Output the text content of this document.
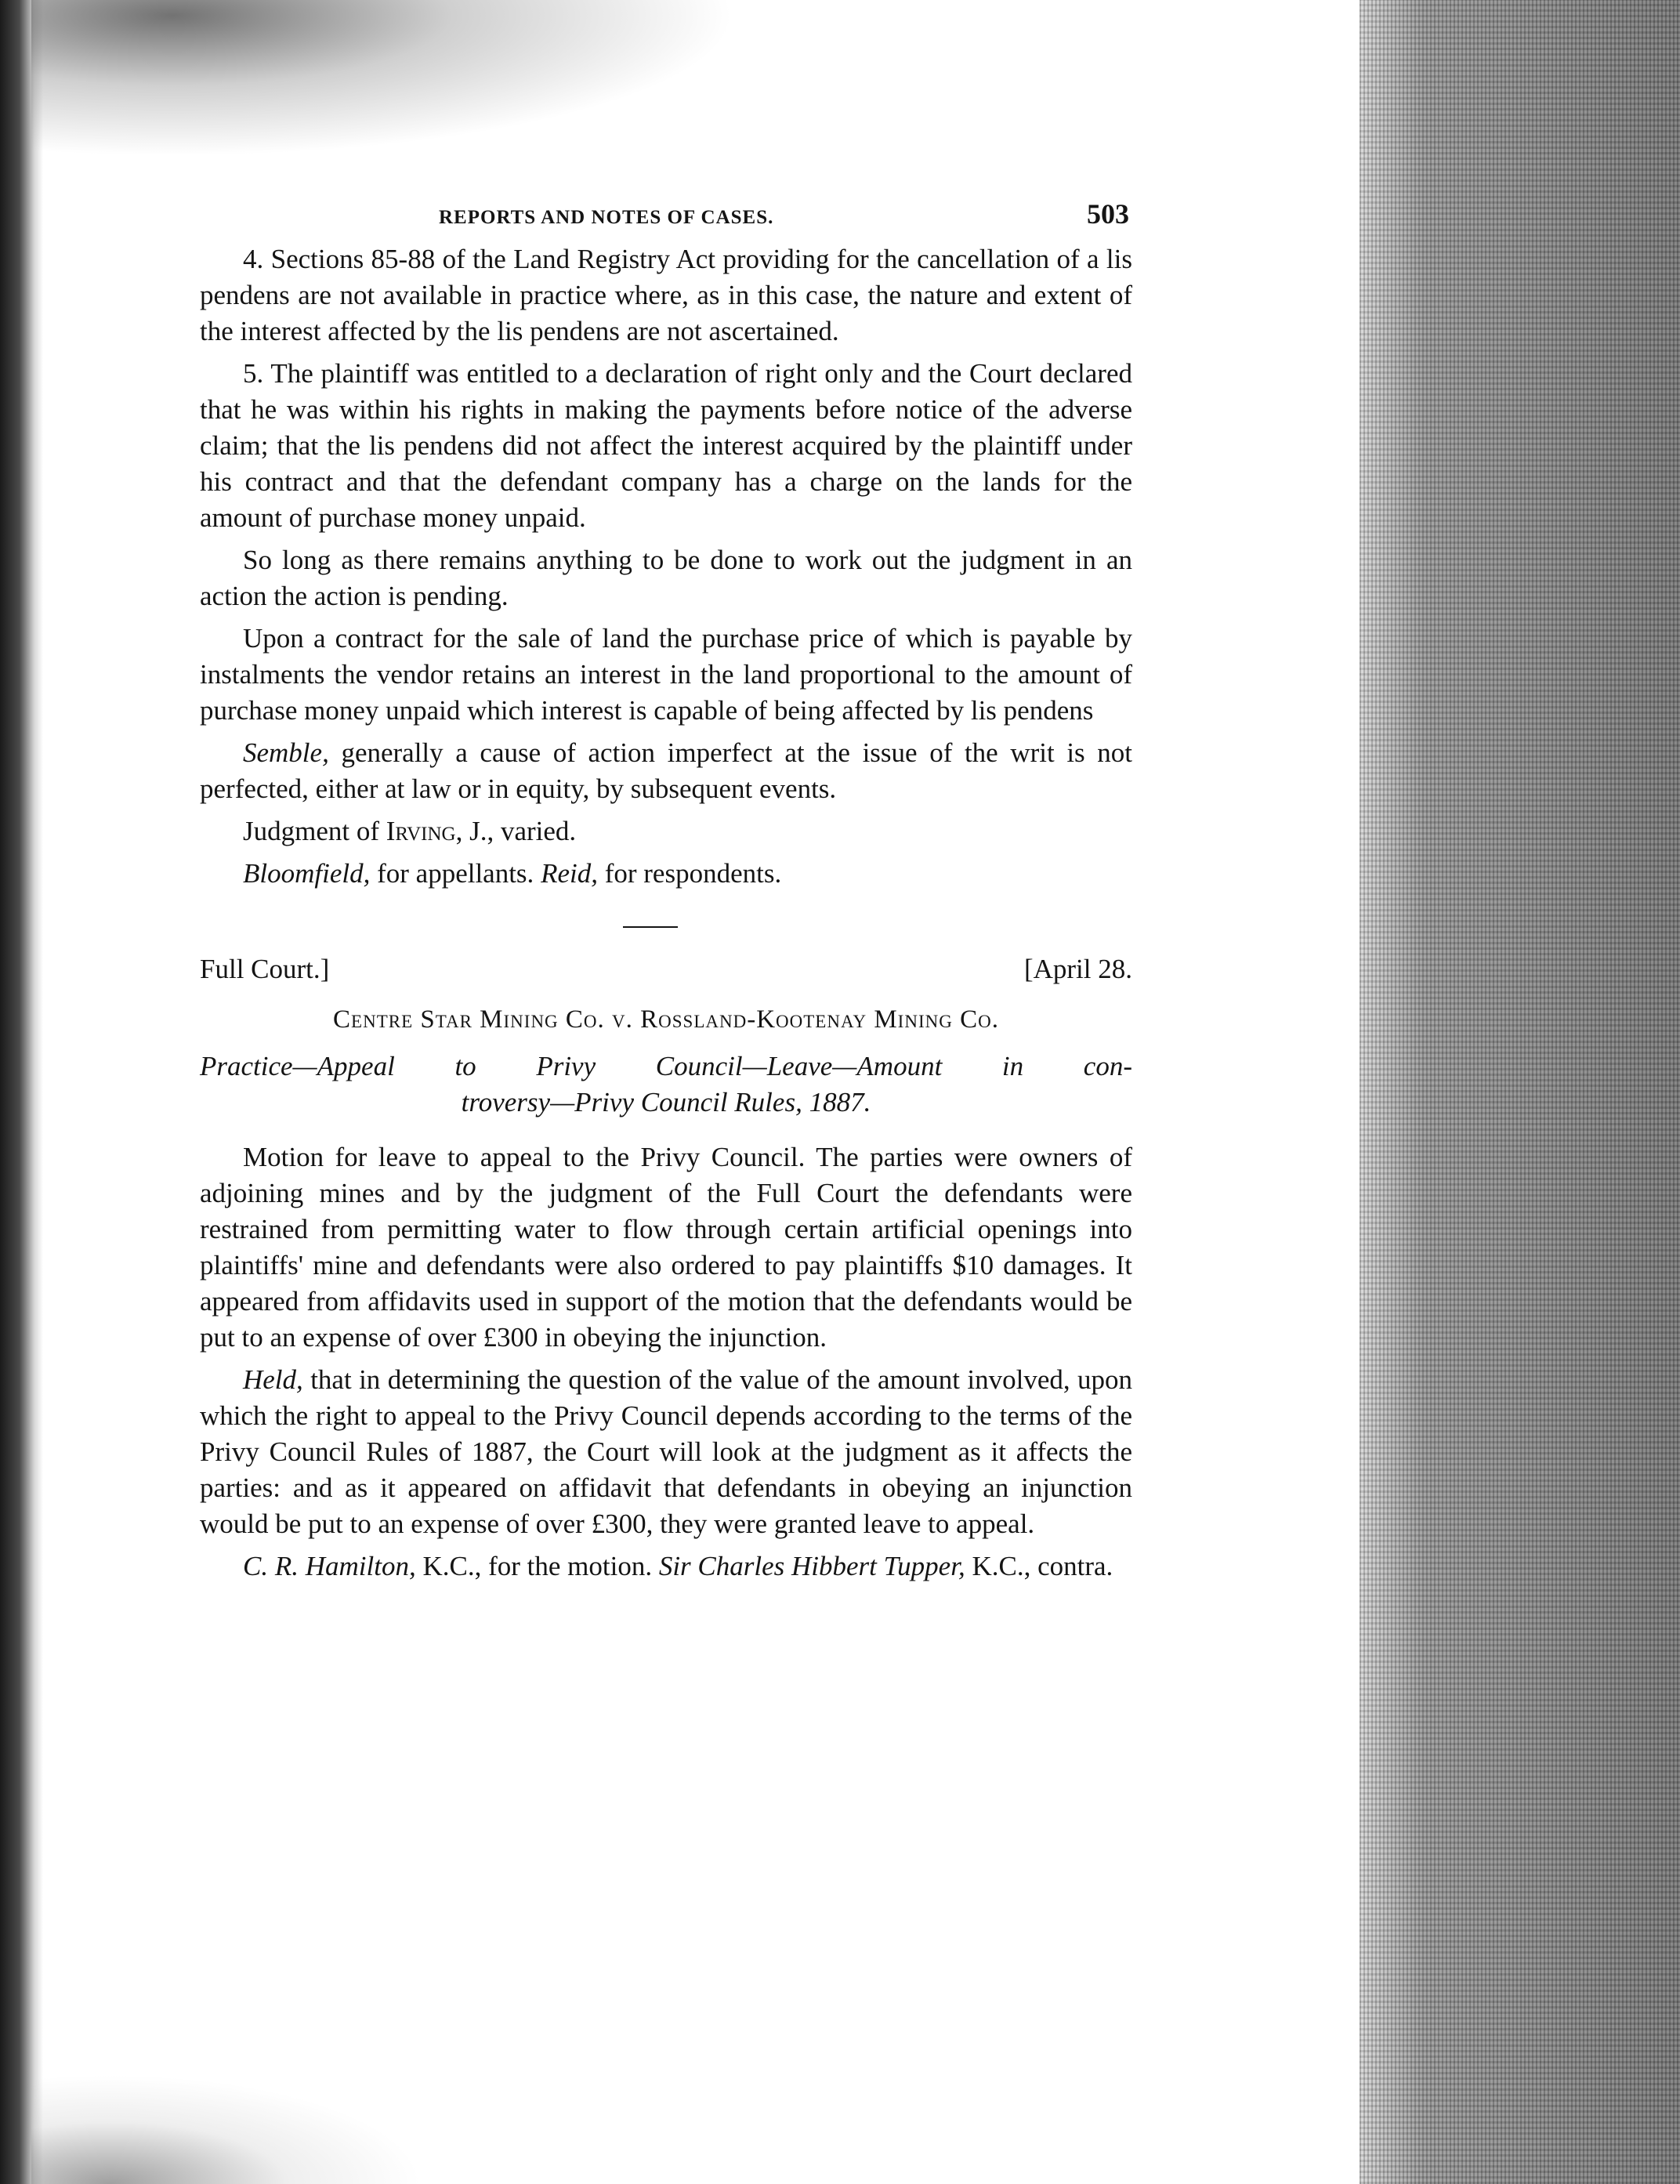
REPORTS AND NOTES OF CASES.	503

4. Sections 85-88 of the Land Registry Act providing for the cancellation of a lis pendens are not available in practice where, as in this case, the nature and extent of the interest affected by the lis pendens are not ascertained.

5. The plaintiff was entitled to a declaration of right only and the Court declared that he was within his rights in making the payments before notice of the adverse claim; that the lis pendens did not affect the interest acquired by the plaintiff under his contract and that the defendant company has a charge on the lands for the amount of purchase money unpaid.

So long as there remains anything to be done to work out the judgment in an action the action is pending.

Upon a contract for the sale of land the purchase price of which is payable by instalments the vendor retains an interest in the land proportional to the amount of purchase money unpaid which interest is capable of being affected by lis pendens

Semble, generally a cause of action imperfect at the issue of the writ is not perfected, either at law or in equity, by subsequent events.

Judgment of Irving, J., varied.

Bloomfield, for appellants. Reid, for respondents.

Full Court.]	[April 28.
Centre Star Mining Co. v. Rossland-Kootenay Mining Co.
Practice—Appeal to Privy Council—Leave—Amount in con-
troversy—Privy Council Rules, 1887.

Motion for leave to appeal to the Privy Council. The parties were owners of adjoining mines and by the judgment of the Full Court the defendants were restrained from permitting water to flow through certain artificial openings into plaintiffs' mine and defendants were also ordered to pay plaintiffs $10 damages. It appeared from affidavits used in support of the motion that the defendants would be put to an expense of over £300 in obeying the injunction.

Held, that in determining the question of the value of the amount involved, upon which the right to appeal to the Privy Council depends according to the terms of the Privy Council Rules of 1887, the Court will look at the judgment as it affects the parties: and as it appeared on affidavit that defendants in obeying an injunction would be put to an expense of over £300, they were granted leave to appeal.

C. R. Hamilton, K.C., for the motion. Sir Charles Hibbert Tupper, K.C., contra.
